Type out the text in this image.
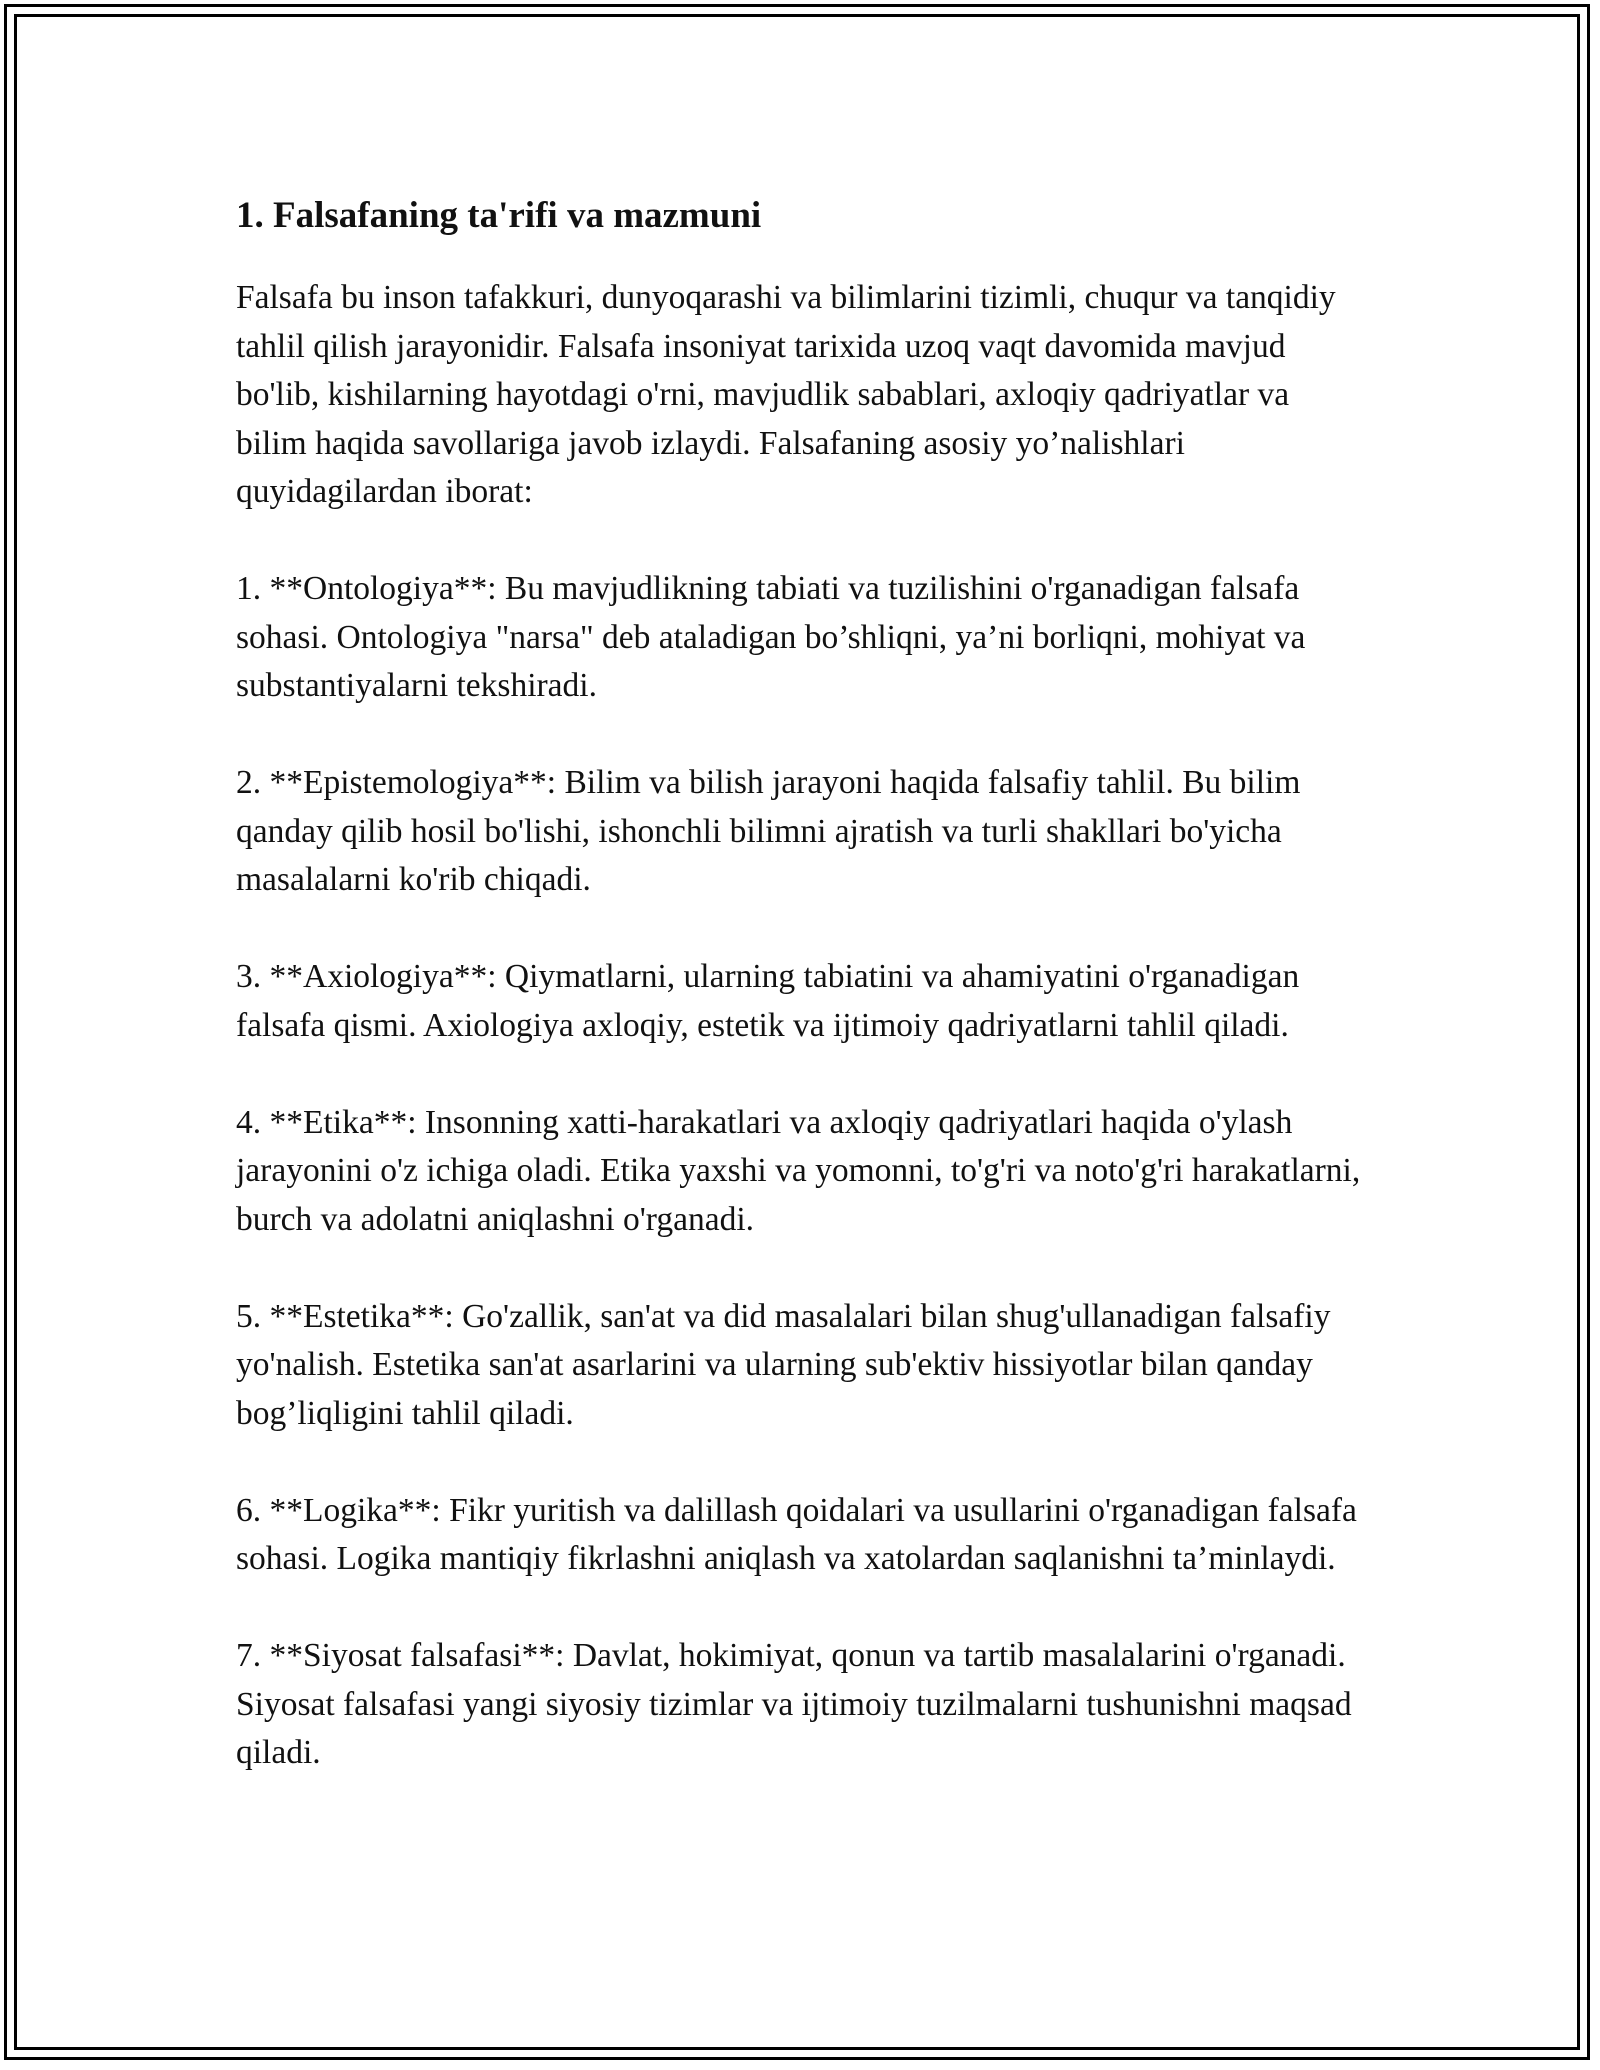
1. Falsafaning ta'rifi va mazmuni

Falsafa bu inson tafakkuri, dunyoqarashi va bilimlarini tizimli, chuqur va tanqidiy tahlil qilish jarayonidir. Falsafa insoniyat tarixida uzoq vaqt davomida mavjud bo'lib, kishilarning hayotdagi o'rni, mavjudlik sabablari, axloqiy qadriyatlar va bilim haqida savollariga javob izlaydi. Falsafaning asosiy yo’nalishlari quyidagilardan iborat:

1. **Ontologiya**: Bu mavjudlikning tabiati va tuzilishini o'rganadigan falsafa sohasi. Ontologiya "narsa" deb ataladigan bo’shliqni, ya’ni borliqni, mohiyat va substantiyalarni tekshiradi.

2. **Epistemologiya**: Bilim va bilish jarayoni haqida falsafiy tahlil. Bu bilim qanday qilib hosil bo'lishi, ishonchli bilimni ajratish va turli shakllari bo'yicha masalalarni ko'rib chiqadi.

3. **Axiologiya**: Qiymatlarni, ularning tabiatini va ahamiyatini o'rganadigan falsafa qismi. Axiologiya axloqiy, estetik va ijtimoiy qadriyatlarni tahlil qiladi.

4. **Etika**: Insonning xatti-harakatlari va axloqiy qadriyatlari haqida o'ylash jarayonini o'z ichiga oladi. Etika yaxshi va yomonni, to'g'ri va noto'g'ri harakatlarni, burch va adolatni aniqlashni o'rganadi.

5. **Estetika**: Go'zallik, san'at va did masalalari bilan shug'ullanadigan falsafiy yo'nalish. Estetika san'at asarlarini va ularning sub'ektiv hissiyotlar bilan qanday bog’liqligini tahlil qiladi.

6. **Logika**: Fikr yuritish va dalillash qoidalari va usullarini o'rganadigan falsafa sohasi. Logika mantiqiy fikrlashni aniqlash va xatolardan saqlanishni ta’minlaydi.

7. **Siyosat falsafasi**: Davlat, hokimiyat, qonun va tartib masalalarini o'rganadi. Siyosat falsafasi yangi siyosiy tizimlar va ijtimoiy tuzilmalarni tushunishni maqsad qiladi.
